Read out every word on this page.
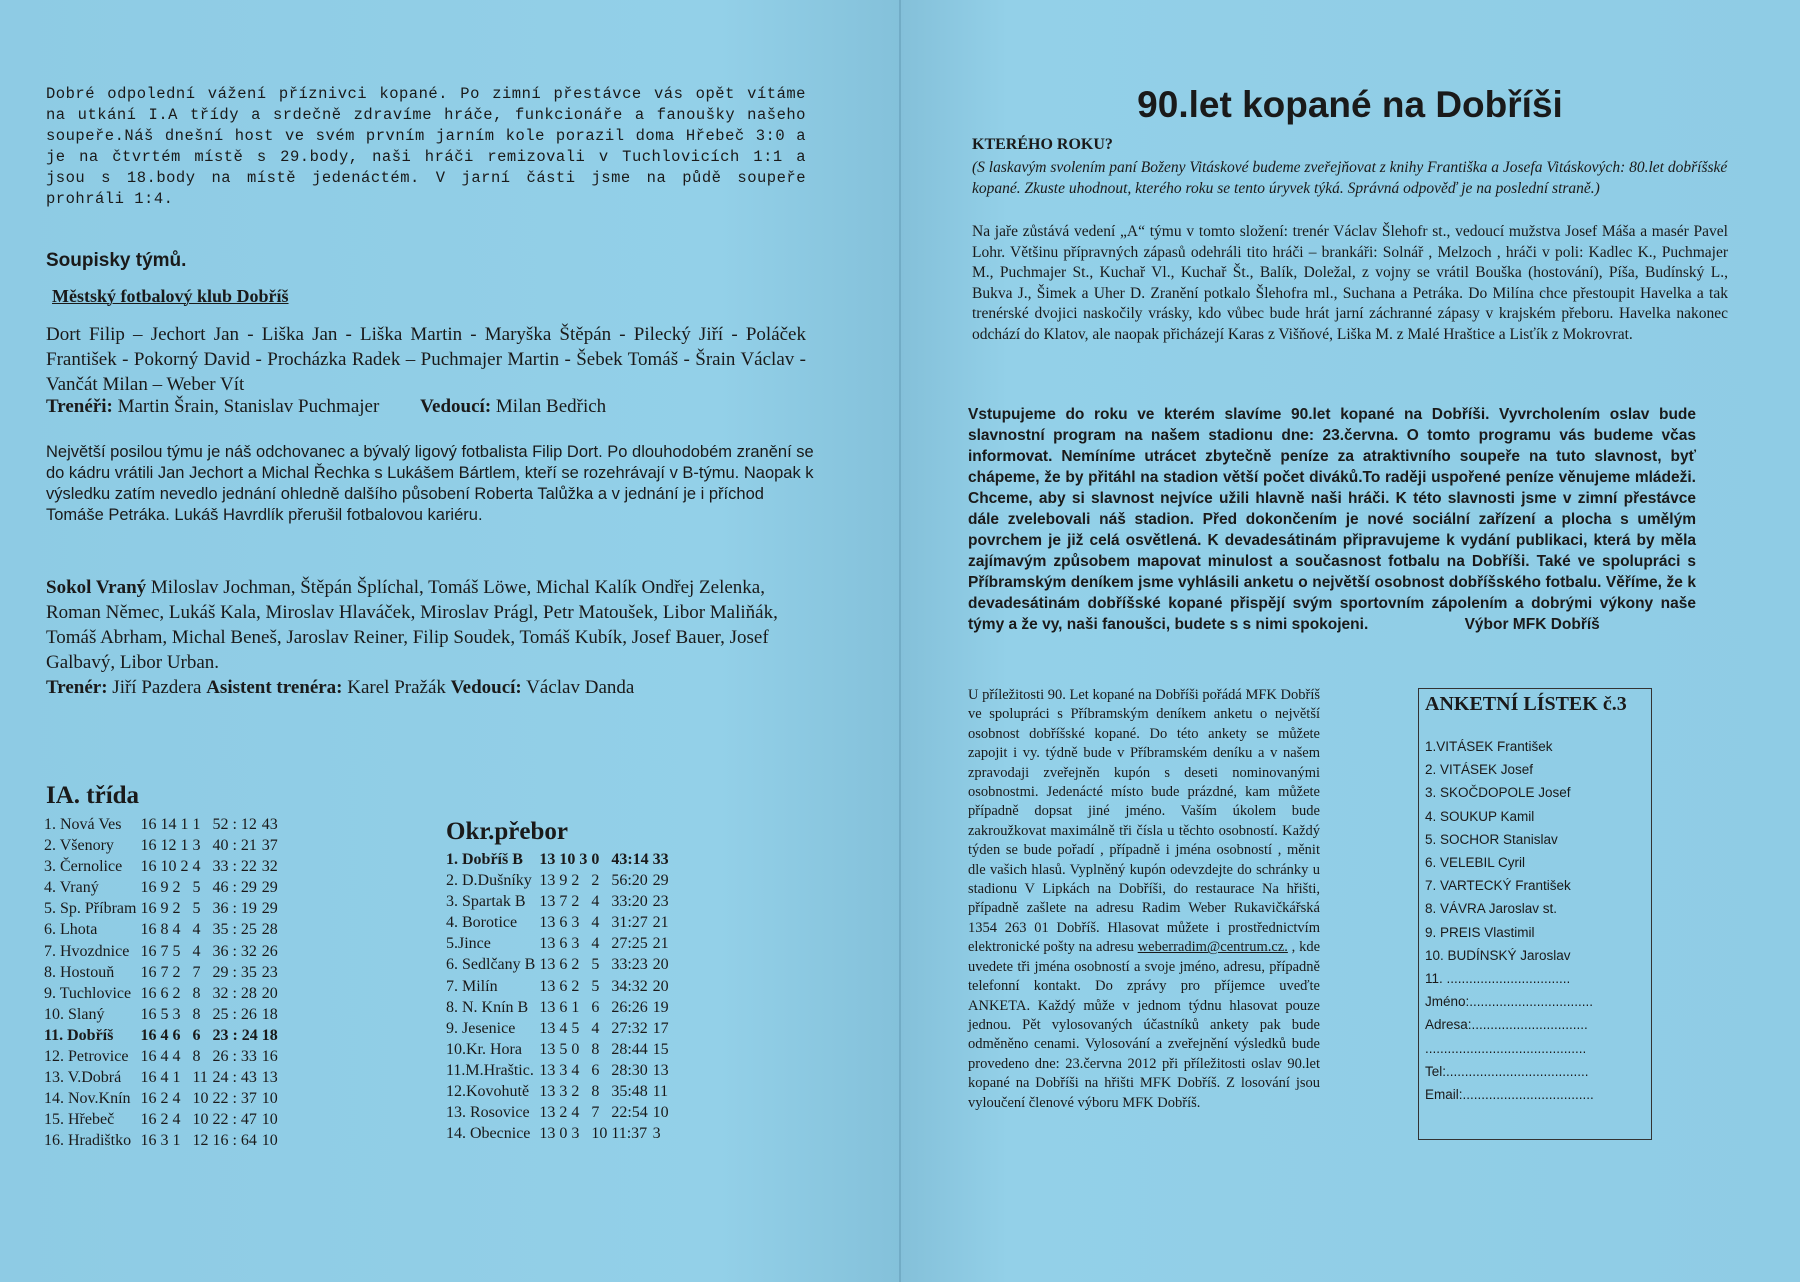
Dobré odpolední vážení příznivci kopané. Po zimní přestávce vás opět vítáme na utkání I.A třídy a srdečně zdravíme hráče, funkcionáře a fanoušky našeho soupeře.Náš dnešní host ve svém prvním jarním kole porazil doma Hřebeč 3:0 a je na čtvrtém místě s 29.body, naši hráči remizovali v Tuchlovicích 1:1 a jsou s 18.body na místě jedenáctém. V jarní části jsme na půdě soupeře prohráli 1:4.
Soupisky týmů.
Městský fotbalový klub Dobříš
Dort Filip – Jechort Jan - Liška Jan - Liška Martin - Maryška Štěpán - Pilecký Jiří - Poláček František - Pokorný David - Procházka Radek – Puchmajer Martin - Šebek Tomáš - Šrain Václav - Vančát Milan – Weber Vít
Trenéři: Martin Šrain, Stanislav Puchmajer Vedoucí: Milan Bedřich
Největší posilou týmu je náš odchovanec a bývalý ligový fotbalista Filip Dort. Po dlouhodobém zranění se do kádru vrátili Jan Jechort a Michal Řechka s Lukášem Bártlem, kteří se rozehrávají v B-týmu. Naopak k výsledku zatím nevedlo jednání ohledně dalšího působení Roberta Talůžka a v jednání je i příchod Tomáše Petráka. Lukáš Havrdlík přerušil fotbalovou kariéru.
Sokol Vraný Miloslav Jochman, Štěpán Šplíchal, Tomáš Löwe, Michal Kalík Ondřej Zelenka, Roman Němec, Lukáš Kala, Miroslav Hlaváček, Miroslav Prágl, Petr Matoušek, Libor Maliňák, Tomáš Abrham, Michal Beneš, Jaroslav Reiner, Filip Soudek, Tomáš Kubík, Josef Bauer, Josef Galbavý, Libor Urban.
Trenér: Jiří Pazdera Asistent trenéra: Karel Pražák Vedoucí: Václav Danda
IA. třída
1. Nová Ves	16	14 1	1	52 : 12	43
2. Všenory	16	12 1	3	40 : 21	37
3. Černolice	16	10 2	4	33 : 22	32
4. Vraný	16	9 2	5	46 : 29	29
5. Sp. Příbram	16	9 2	5	36 : 19	29
6. Lhota	16	8 4	4	35 : 25	28
7. Hvozdnice	16	7 5	4	36 : 32	26
8. Hostouň	16	7 2	7	29 : 35	23
9. Tuchlovice	16	6 2	8	32 : 28	20
10. Slaný	16	5 3	8	25 : 26	18
11. Dobříš	16	4 6	6	23 : 24	18
12. Petrovice	16	4 4	8	26 : 33	16
13. V.Dobrá	16	4 1	11	24 : 43	13
14. Nov.Knín	16	2 4	10	22 : 37	10
15. Hřebeč	16	2 4	10	22 : 47	10
16. Hradištko	16	3 1	12	16 : 64	10
Okr.přebor
1. Dobříš B	13	10 3	0	43:14	33
2. D.Dušníky	13	9 2	2	56:20	29
3. Spartak B	13	7 2	4	33:20	23
4. Borotice	13	6 3	4	31:27	21
5.Jince	13	6 3	4	27:25	21
6. Sedlčany B	13	6 2	5	33:23	20
7. Milín	13	6 2	5	34:32	20
8. N. Knín B	13	6 1	6	26:26	19
9. Jesenice	13	4 5	4	27:32	17
10.Kr. Hora	13	5 0	8	28:44	15
11.M.Hraštic.	13	3 4	6	28:30	13
12.Kovohutě	13	3 2	8	35:48	11
13. Rosovice	13	2 4	7	22:54	10
14. Obecnice	13	0 3	10	11:37	3
90.let kopané na Dobříši
KTERÉHO ROKU?
(S laskavým svolením paní Boženy Vitáskové budeme zveřejňovat z knihy Františka a Josefa Vitáskových: 80.let dobříšské kopané. Zkuste uhodnout, kterého roku se tento úryvek týká. Správná odpověď je na poslední straně.)
Na jaře zůstává vedení „A“ týmu v tomto složení: trenér Václav Šlehofr st., vedoucí mužstva Josef Máša a masér Pavel Lohr. Většinu přípravných zápasů odehráli tito hráči – brankáři: Solnář , Melzoch , hráči v poli: Kadlec K., Puchmajer M., Puchmajer St., Kuchař Vl., Kuchař Št., Balík, Doležal, z vojny se vrátil Bouška (hostování), Píša, Budínský L., Bukva J., Šimek a Uher D. Zranění potkalo Šlehofra ml., Suchana a Petráka. Do Milína chce přestoupit Havelka a tak trenérské dvojici naskočily vrásky, kdo vůbec bude hrát jarní záchranné zápasy v krajském přeboru. Havelka nakonec odchází do Klatov, ale naopak přicházejí Karas z Višňové, Liška M. z Malé Hraštice a Lisťík z Mokrovrat.
Vstupujeme do roku ve kterém slavíme 90.let kopané na Dobříši. Vyvrcholením oslav bude slavnostní program na našem stadionu dne: 23.června. O tomto programu vás budeme včas informovat. Nemíníme utrácet zbytečně peníze za atraktivního soupeře na tuto slavnost, byť chápeme, že by přitáhl na stadion větší počet diváků.To raději uspořené peníze věnujeme mládeži. Chceme, aby si slavnost nejvíce užili hlavně naši hráči. K této slavnosti jsme v zimní přestávce dále zvelebovali náš stadion. Před dokončením je nové sociální zařízení a plocha s umělým povrchem je již celá osvětlená. K devadesátinám připravujeme k vydání publikaci, která by měla zajímavým způsobem mapovat minulost a současnost fotbalu na Dobříši. Také ve spolupráci s Příbramským deníkem jsme vyhlásili anketu o největší osobnost dobříšského fotbalu. Věříme, že k devadesátinám dobříšské kopané přispějí svým sportovním zápolením a dobrými výkony naše týmy a že vy, naši fanoušci, budete s s nimi spokojeni.	Výbor MFK Dobříš
U příležitosti 90. Let kopané na Dobříši pořádá MFK Dobříš ve spolupráci s Příbramským deníkem anketu o největší osobnost dobříšské kopané. Do této ankety se můžete zapojit i vy. týdně bude v Příbramském deníku a v našem zpravodaji zveřejněn kupón s deseti nominovanými osobnostmi. Jedenácté místo bude prázdné, kam můžete případně dopsat jiné jméno. Vaším úkolem bude zakroužkovat maximálně tři čísla u těchto osobností. Každý týden se bude pořadí , případně i jména osobností , měnit dle vašich hlasů. Vyplněný kupón odevzdejte do schránky u stadionu V Lipkách na Dobříši, do restaurace Na hřišti, případně zašlete na adresu Radim Weber Rukavičkářská 1354 263 01 Dobříš. Hlasovat můžete i prostřednictvím elektronické pošty na adresu weberradim@centrum.cz. , kde uvedete tři jména osobností a svoje jméno, adresu, případně telefonní kontakt. Do zprávy pro příjemce uveďte ANKETA. Každý může v jednom týdnu hlasovat pouze jednou. Pět vylosovaných účastníků ankety pak bude odměněno cenami. Vylosování a zveřejnění výsledků bude provedeno dne: 23.června 2012 při příležitosti oslav 90.let kopané na Dobříši na hřišti MFK Dobříš. Z losování jsou vyloučení členové výboru MFK Dobříš.
ANKETNÍ LÍSTEK č.3
1.VITÁSEK František
2. VITÁSEK Josef
3. SKOČDOPOLE Josef
4. SOUKUP Kamil
5. SOCHOR Stanislav
6. VELEBIL Cyril
7. VARTECKÝ František
8. VÁVRA Jaroslav st.
9. PREIS Vlastimil
10. BUDÍNSKÝ Jaroslav
11. .................................
Jméno:.................................
Adresa:...............................
...........................................
Tel:......................................
Email:...................................
